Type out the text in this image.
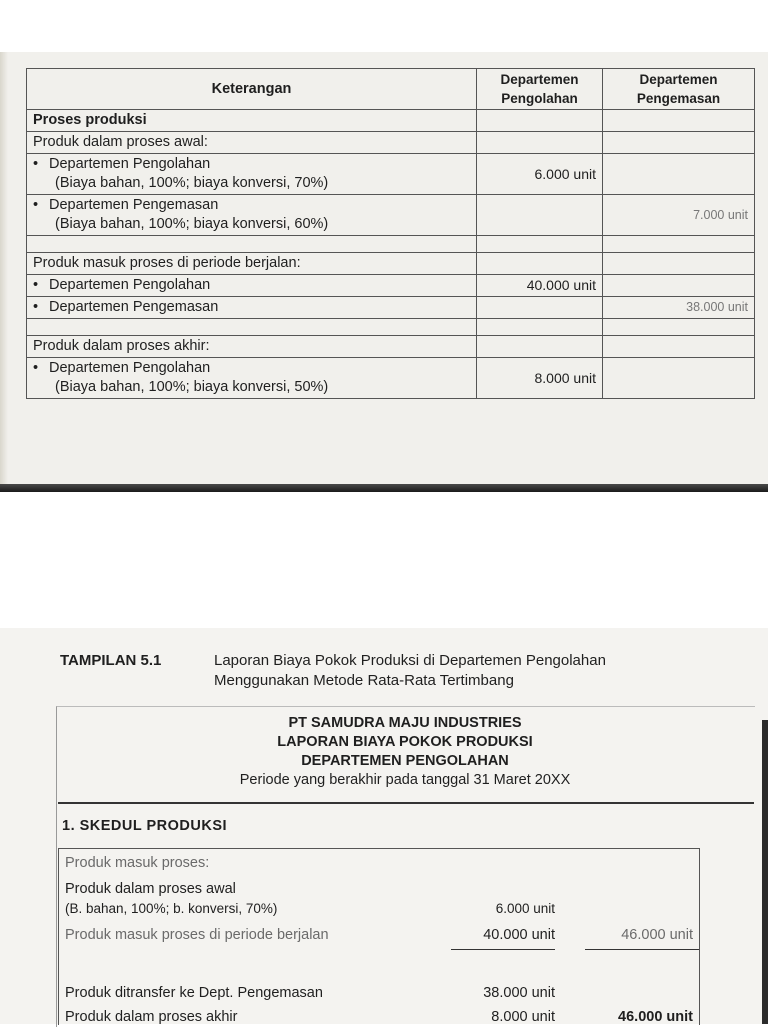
Keterangan	Departemen Pengolahan	Departemen Pengemasan
Proses produksi		
Produk dalam proses awal:		
• Departemen Pengolahan
(Biaya bahan, 100%; biaya konversi, 70%)	6.000 unit	
• Departemen Pengemasan
(Biaya bahan, 100%; biaya konversi, 60%)		7.000 unit

Produk masuk proses di periode berjalan:		
• Departemen Pengolahan	40.000 unit	
• Departemen Pengemasan		38.000 unit

Produk dalam proses akhir:		
• Departemen Pengolahan
(Biaya bahan, 100%; biaya konversi, 50%)	8.000 unit	
TAMPILAN 5.1	Laporan Biaya Pokok Produksi di Departemen Pengolahan
Menggunakan Metode Rata-Rata Tertimbang
PT SAMUDRA MAJU INDUSTRIES
LAPORAN BIAYA POKOK PRODUKSI
DEPARTEMEN PENGOLAHAN
Periode yang berakhir pada tanggal 31 Maret 20XX
1. SKEDUL PRODUKSI
Produk masuk proses:
Produk dalam proses awal
(B. bahan, 100%; b. konversi, 70%)	6.000 unit
Produk masuk proses di periode berjalan	40.000 unit	46.000 unit
Produk ditransfer ke Dept. Pengemasan	38.000 unit
Produk dalam proses akhir	8.000 unit	46.000 unit
